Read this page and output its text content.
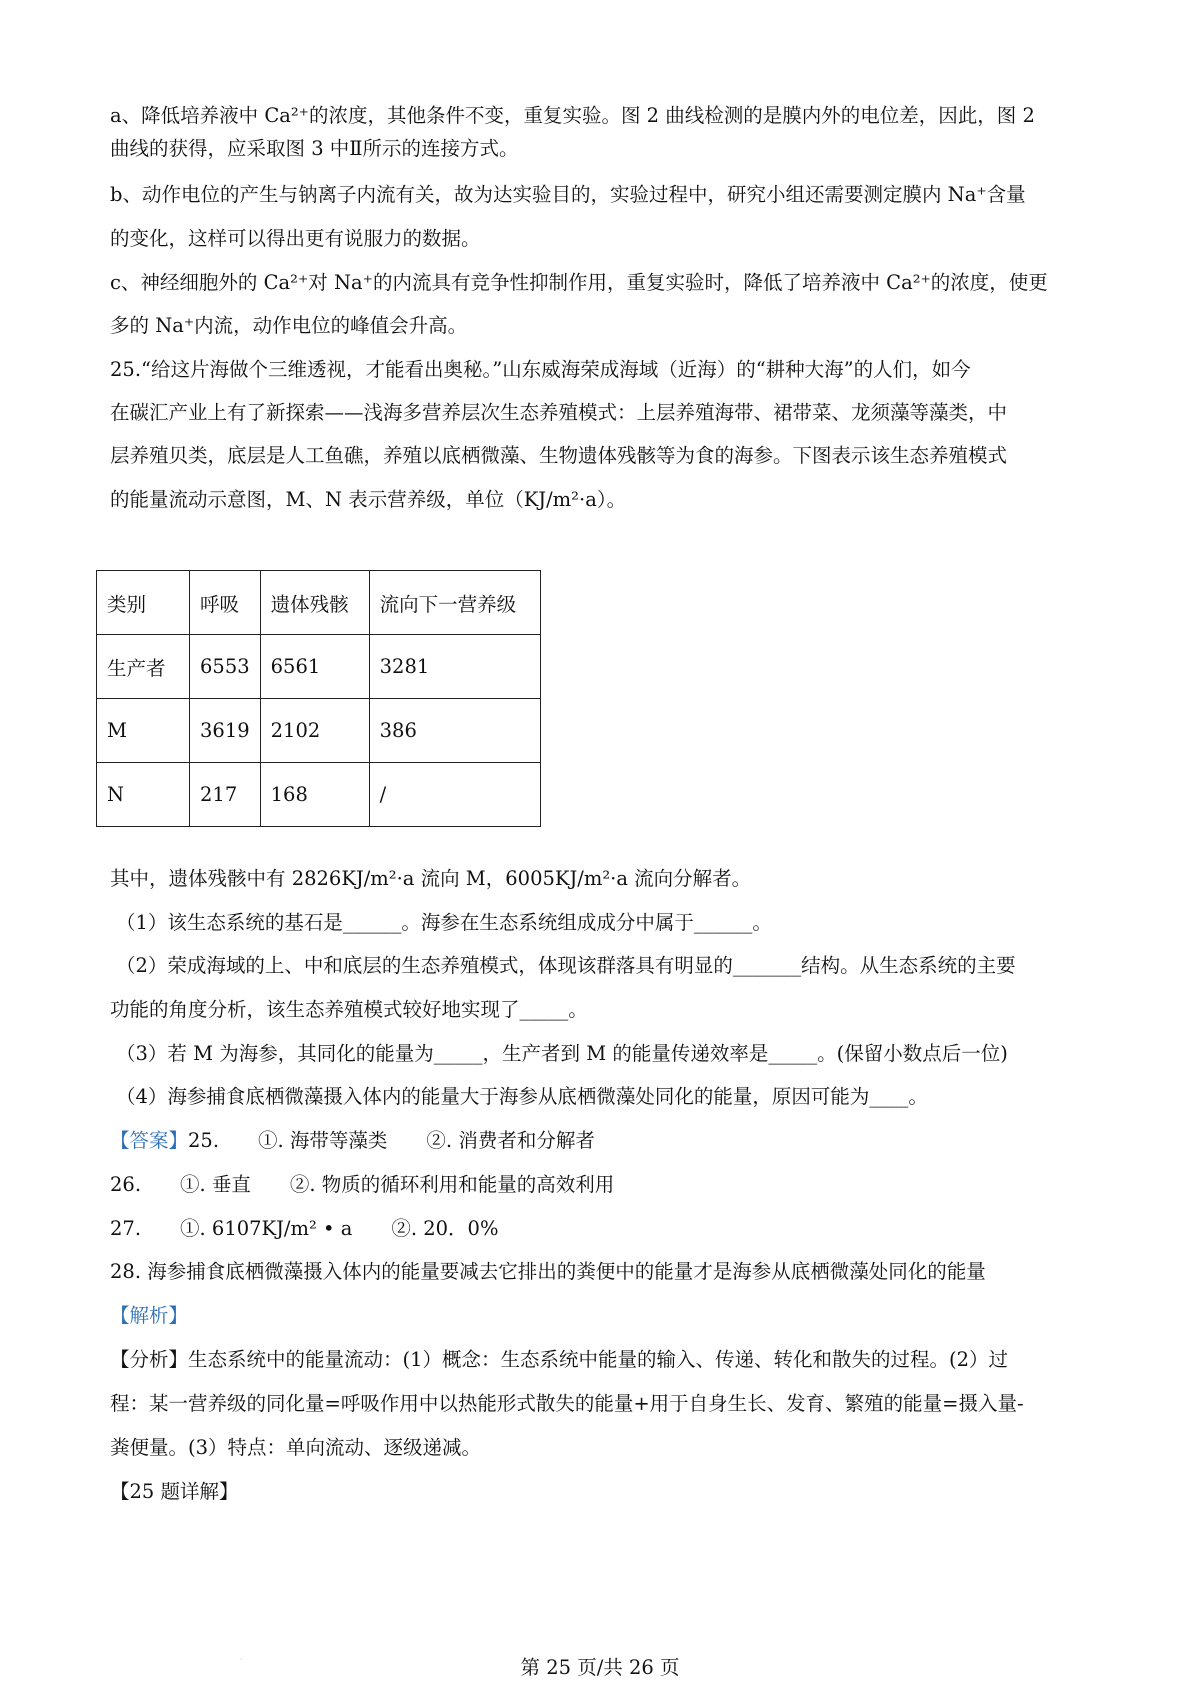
a、降低培养液中 Ca²⁺的浓度，其他条件不变，重复实验。图 2 曲线检测的是膜内外的电位差，因此，图 2
曲线的获得，应采取图 3 中Ⅱ所示的连接方式。
b、动作电位的产生与钠离子内流有关，故为达实验目的，实验过程中，研究小组还需要测定膜内 Na⁺含量
的变化，这样可以得出更有说服力的数据。
c、神经细胞外的 Ca²⁺对 Na⁺的内流具有竞争性抑制作用，重复实验时，降低了培养液中 Ca²⁺的浓度，使更
多的 Na⁺内流，动作电位的峰值会升高。
25.“给这片海做个三维透视，才能看出奥秘。”山东威海荣成海域（近海）的“耕种大海”的人们，如今
在碳汇产业上有了新探索——浅海多营养层次生态养殖模式：上层养殖海带、裙带菜、龙须藻等藻类，中
层养殖贝类，底层是人工鱼礁，养殖以底栖微藻、生物遗体残骸等为食的海参。下图表示该生态养殖模式
的能量流动示意图，M、N 表示营养级，单位（KJ/m²·a）。
类别	呼吸	遗体残骸	流向下一营养级
生产者	6553	6561	3281
M	3619	2102	386
N	217	168	/
其中，遗体残骸中有 2826KJ/m²·a 流向 M，6005KJ/m²·a 流向分解者。
（1）该生态系统的基石是______。海参在生态系统组成成分中属于______。
（2）荣成海域的上、中和底层的生态养殖模式，体现该群落具有明显的_______结构。从生态系统的主要
功能的角度分析，该生态养殖模式较好地实现了_____。
（3）若 M 为海参，其同化的能量为_____，生产者到 M 的能量传递效率是_____。(保留小数点后一位)
（4）海参捕食底栖微藻摄入体内的能量大于海参从底栖微藻处同化的能量，原因可能为____。
【答案】25.　　①. 海带等藻类　　②. 消费者和分解者
26.　　①. 垂直　　②. 物质的循环利用和能量的高效利用
27.　　①. 6107KJ/m² • a　　②. 20．0%
28. 海参捕食底栖微藻摄入体内的能量要减去它排出的粪便中的能量才是海参从底栖微藻处同化的能量
【解析】
【分析】生态系统中的能量流动：(1）概念：生态系统中能量的输入、传递、转化和散失的过程。(2）过
程：某一营养级的同化量=呼吸作用中以热能形式散失的能量+用于自身生长、发育、繁殖的能量=摄入量-
粪便量。(3）特点：单向流动、逐级递减。
【25 题详解】
·	第 25 页/共 26 页
